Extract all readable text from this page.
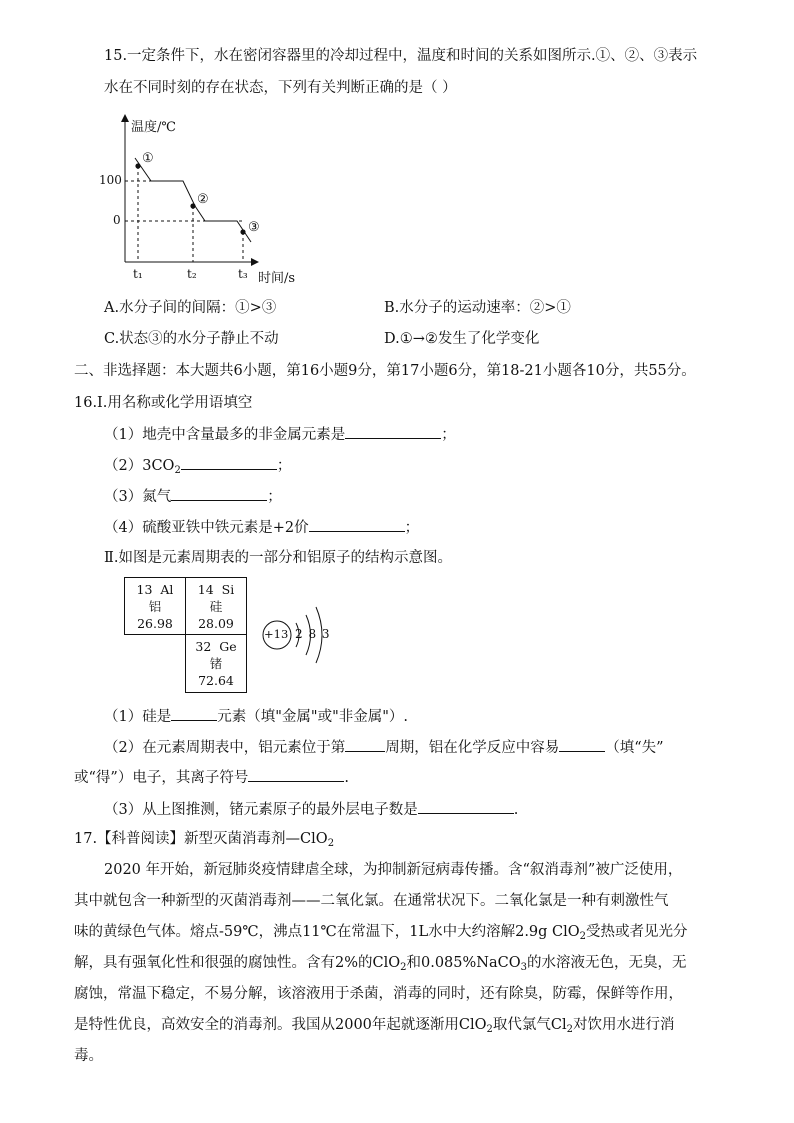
15.一定条件下，水在密闭容器里的冷却过程中，温度和时间的关系如图所示.①、②、③表示
水在不同时刻的存在状态，下列有关判断正确的是（ ）
温度/℃
100
0
t₁	t₂	t₃ 时间/s
①
②
③
A.水分子间的间隔：①>③	B.水分子的运动速率：②>①
C.状态③的水分子静止不动	D.①→②发生了化学变化
二、非选择题：本大题共6小题，第16小题9分，第17小题6分，第18-21小题各10分，共55分。
16.I.用名称或化学用语填空
（1）地壳中含量最多的非金属元素是	；
$(2)3CO_2$	；
（3）氮气	；
（4）硫酸亚铁中铁元素是+2价	；
Ⅱ.如图是元素周期表的一部分和铝原子的结构示意图。
13  Al
铝
26.98
14  Si
硅
28.09
32  Ge
锗
72.64
+13 2 8 3
（1）硅是	元素（填"金属"或"非金属"）.
（2）在元素周期表中，铝元素位于第	周期，铝在化学反应中容易	（填“失”
或“得”）电子，其离子符号	.
（3）从上图推测，锗元素原子的最外层电子数是	.
17.【科普阅读】新型灭菌消毒剂—ClO$_2$
2020 年开始，新冠肺炎疫情肆虐全球，为抑制新冠病毒传播。含“叙消毒剂”被广泛使用，
其中就包含一种新型的灭菌消毒剂——二氧化氯。在通常状况下。二氧化氯是一种有刺激性气
味的黄绿色气体。熔点-59℃，沸点11℃在常温下，1L水中大约溶解2.9g ClO$_2$受热或者见光分
解，具有强氧化性和很强的腐蚀性。含有2%的ClO$_2$和0.085%NaCO$_3$的水溶液无色，无臭，无
腐蚀，常温下稳定，不易分解，该溶液用于杀菌，消毒的同时，还有除臭，防霉，保鲜等作用，
是特性优良，高效安全的消毒剂。我国从2000年起就逐渐用ClO$_2$取代氯气$Cl_2$对饮用水进行消
毒。
